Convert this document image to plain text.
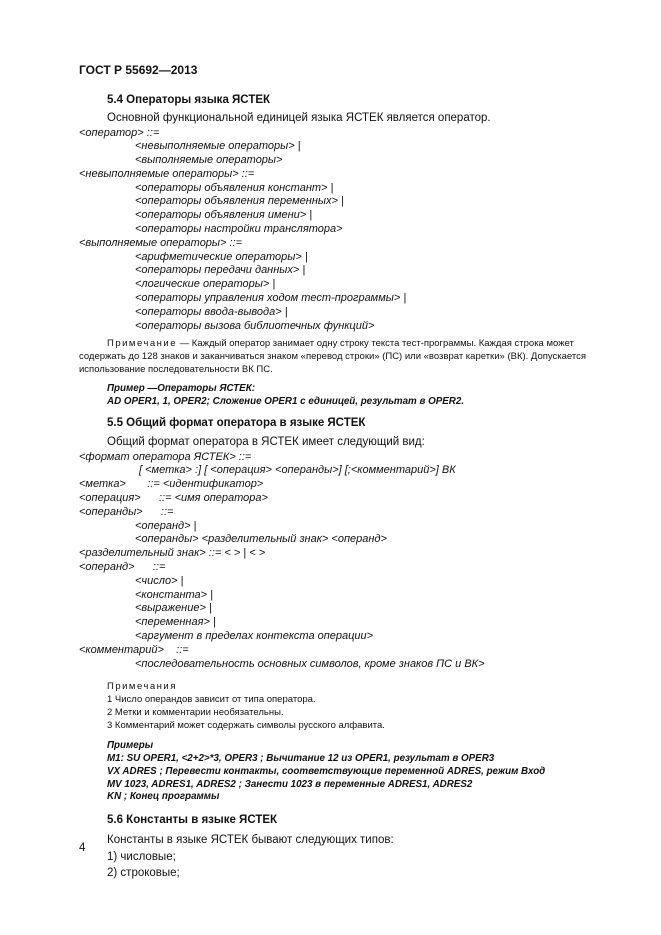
ГОСТ Р 55692—2013
5.4 Операторы языка ЯСТЕК
Основной функциональной единицей языка ЯСТЕК является оператор.
<оператор> ::=
<невыполняемые операторы> |
<выполняемые операторы>
<невыполняемые операторы> ::=
<операторы объявления констант> |
<операторы объявления переменных> |
<операторы объявления имени> |
<операторы настройки транслятора>
<выполняемые операторы> ::=
<арифметические операторы> |
<операторы передачи данных> |
<логические операторы> |
<операторы управления ходом тест-программы> |
<операторы ввода-вывода> |
<операторы вызова библиотечных функций>
Примечание — Каждый оператор занимает одну строку текста тест-программы. Каждая строка может
содержать до 128 знаков и заканчиваться знаком «перевод строки» (ПС) или «возврат каретки» (ВК). Допускается
использование последовательности ВК ПС.
Пример —Операторы ЯСТЕК:
AD OPER1, 1, OPER2; Сложение OPER1 с единицей, результат в OPER2.
5.5 Общий формат оператора в языке ЯСТЕК
Общий формат оператора в ЯСТЕК имеет следующий вид:
<формат оператора ЯСТЕК> ::=
[ <метка> :] [ <операция> <операнды>] [;<комментарий>] ВК
<метка>       ::= <идентификатор>
<операция>      ::= <имя оператора>
<операнды>      ::=
<операнд> |
<операнды> <разделительный знак> <операнд>
<разделительный знак> ::= < > | < >
<операнд>      ::=
<число> |
<константа> |
<выражение> |
<переменная> |
<аргумент в пределах контекста операции>
<комментарий>    ::=
<последовательность основных символов, кроме знаков ПС и ВК>
Примечания
1 Число операндов зависит от типа оператора.
2 Метки и комментарии необязательны.
3 Комментарий может содержать символы русского алфавита.
Примеры
M1: SU OPER1, <2+2>*3, OPER3 ; Вычитание 12 из OPER1, результат в OPER3
VX ADRES ; Перевести контакты, соответствующие переменной ADRES, режим Вход
MV 1023, ADRES1, ADRES2 ; Занести 1023 в переменные ADRES1, ADRES2
KN ; Конец программы
5.6 Константы в языке ЯСТЕК
Константы в языке ЯСТЕК бывают следующих типов:
1) числовые;
2) строковые;
4
